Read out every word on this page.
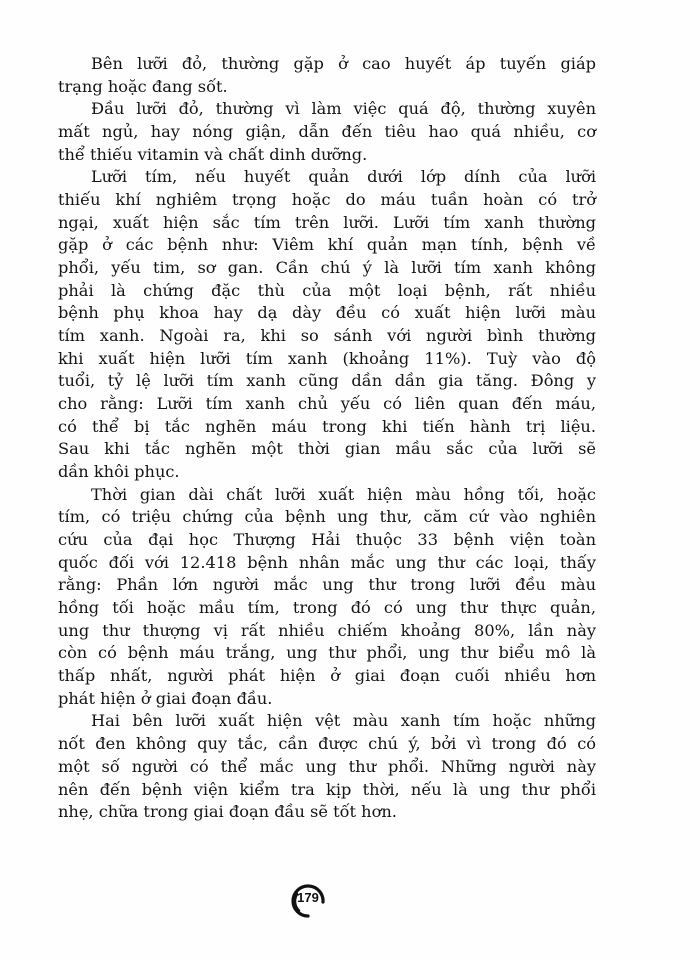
Bên lưỡi đỏ, thường gặp ở cao huyết áp tuyến giáp
trạng hoặc đang sốt.
Đầu lưỡi đỏ, thường vì làm việc quá độ, thường xuyên
mất ngủ, hay nóng giận, dẫn đến tiêu hao quá nhiều, cơ
thể thiếu vitamin và chất dinh dưỡng.
Lưỡi tím, nếu huyết quản dưới lớp dính của lưỡi
thiếu khí nghiêm trọng hoặc do máu tuần hoàn có trở
ngại, xuất hiện sắc tím trên lưỡi. Lưỡi tím xanh thường
gặp ở các bệnh như: Viêm khí quản mạn tính, bệnh về
phổi, yếu tim, sơ gan. Cần chú ý là lưỡi tím xanh không
phải là chứng đặc thù của một loại bệnh, rất nhiều
bệnh phụ khoa hay dạ dày đều có xuất hiện lưỡi màu
tím xanh. Ngoài ra, khi so sánh với người bình thường
khi xuất hiện lưỡi tím xanh (khoảng 11%). Tuỳ vào độ
tuổi, tỷ lệ lưỡi tím xanh cũng dần dần gia tăng. Đông y
cho rằng: Lưỡi tím xanh chủ yếu có liên quan đến máu,
có thể bị tắc nghẽn máu trong khi tiến hành trị liệu.
Sau khi tắc nghẽn một thời gian mầu sắc của lưỡi sẽ
dần khôi phục.
Thời gian dài chất lưỡi xuất hiện màu hồng tối, hoặc
tím, có triệu chứng của bệnh ung thư, căm cứ vào nghiên
cứu của đại học Thượng Hải thuộc 33 bệnh viện toàn
quốc đối với 12.418 bệnh nhân mắc ung thư các loại, thấy
rằng: Phần lớn người mắc ung thư trong lưỡi đều màu
hồng tối hoặc mầu tím, trong đó có ung thư thực quản,
ung thư thượng vị rất nhiều chiếm khoảng 80%, lần này
còn có bệnh máu trắng, ung thư phổi, ung thư biểu mô là
thấp nhất, người phát hiện ở giai đoạn cuối nhiều hơn
phát hiện ở giai đoạn đầu.
Hai bên lưỡi xuất hiện vệt màu xanh tím hoặc những
nốt đen không quy tắc, cần được chú ý, bởi vì trong đó có
một số người có thể mắc ung thư phổi. Những người này
nên đến bệnh viện kiểm tra kịp thời, nếu là ung thư phổi
nhẹ, chữa trong giai đoạn đầu sẽ tốt hơn.
179
